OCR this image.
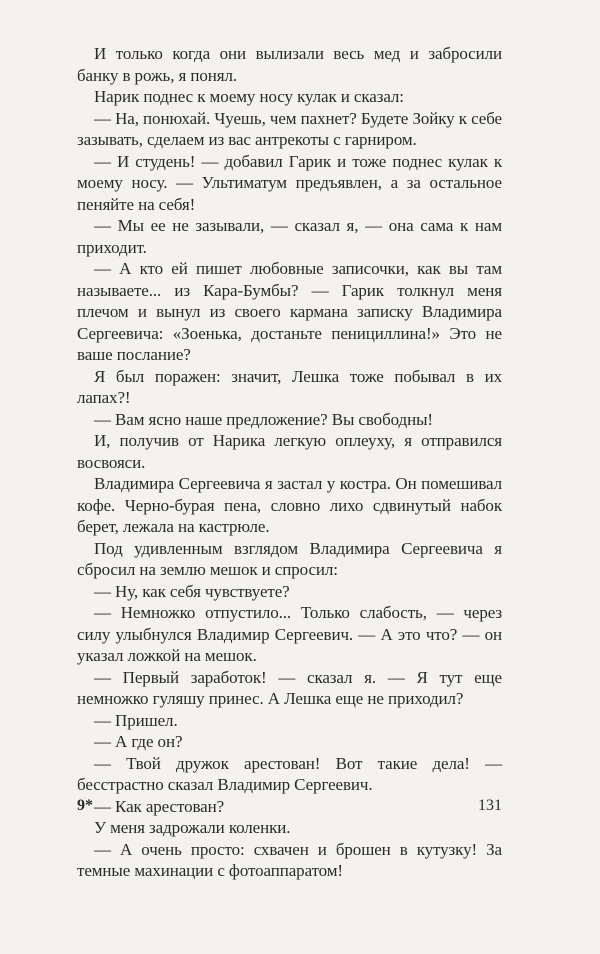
И только когда они вылизали весь мед и забросили банку в рожь, я понял.

Нарик поднес к моему носу кулак и сказал:

— На, понюхай. Чуешь, чем пахнет? Будете Зойку к себе зазывать, сделаем из вас антрекоты с гарниром.

— И студень! — добавил Гарик и тоже поднес кулак к моему носу. — Ультиматум предъявлен, а за остальное пеняйте на себя!

— Мы ее не зазывали, — сказал я, — она сама к нам приходит.

— А кто ей пишет любовные записочки, как вы там называете... из Кара-Бумбы? — Гарик толкнул меня плечом и вынул из своего кармана записку Владимира Сергеевича: «Зоенька, достаньте пенициллина!» Это не ваше послание?

Я был поражен: значит, Лешка тоже побывал в их лапах?!

— Вам ясно наше предложение? Вы свободны!

И, получив от Нарика легкую оплеуху, я отправился восвояси.

Владимира Сергеевича я застал у костра. Он помешивал кофе. Черно-бурая пена, словно лихо сдвинутый набок берет, лежала на кастрюле.

Под удивленным взглядом Владимира Сергеевича я сбросил на землю мешок и спросил:

— Ну, как себя чувствуете?

— Немножко отпустило... Только слабость, — через силу улыбнулся Владимир Сергеевич. — А это что? — он указал ложкой на мешок.

— Первый заработок! — сказал я. — Я тут еще немножко гуляшу принес. А Лешка еще не приходил?

— Пришел.

— А где он?

— Твой дружок арестован! Вот такие дела! — бесстрастно сказал Владимир Сергеевич.

— Как арестован?

У меня задрожали коленки.

— А очень просто: схвачен и брошен в кутузку! За темные махинации с фотоаппаратом!

9*	131
